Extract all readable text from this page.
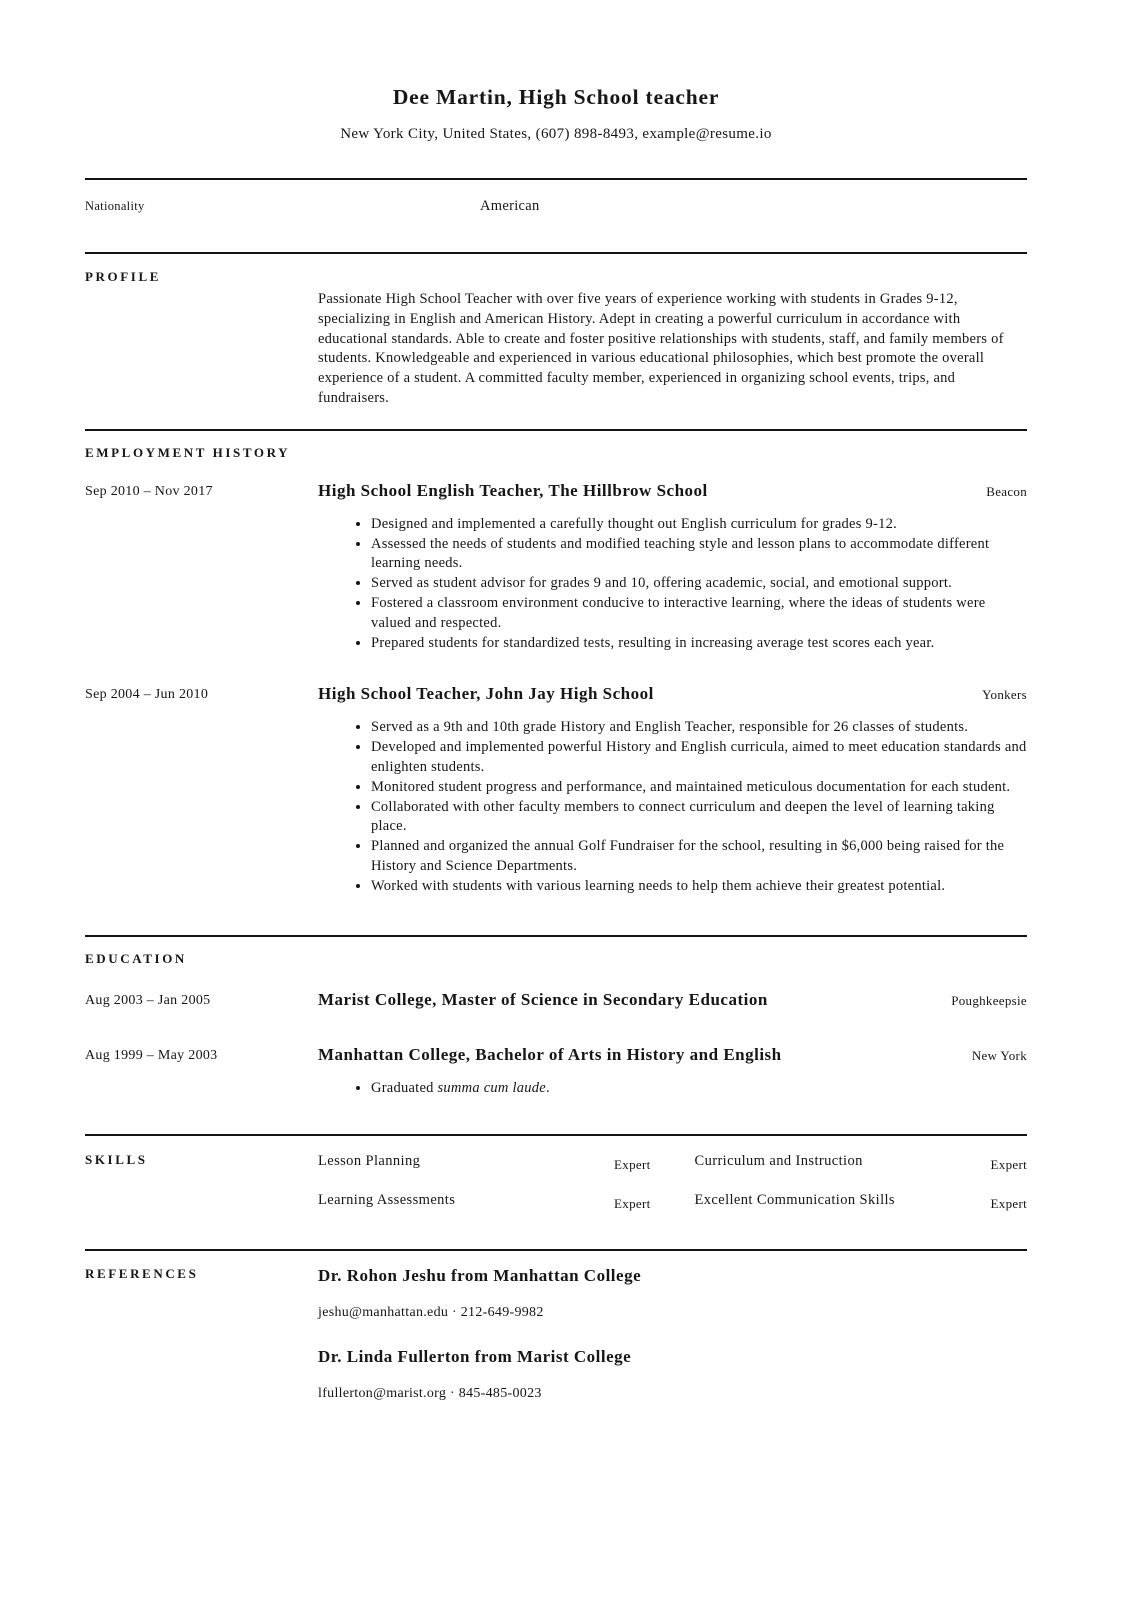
Dee Martin, High School teacher
New York City, United States, (607) 898-8493, example@resume.io
Nationality	American
PROFILE

Passionate High School Teacher with over five years of experience working with students in Grades 9-12, specializing in English and American History. Adept in creating a powerful curriculum in accordance with educational standards. Able to create and foster positive relationships with students, staff, and family members of students. Knowledgeable and experienced in various educational philosophies, which best promote the overall experience of a student. A committed faculty member, experienced in organizing school events, trips, and fundraisers.

EMPLOYMENT HISTORY
Sep 2010 – Nov 2017	High School English Teacher, The Hillbrow School	Beacon
• Designed and implemented a carefully thought out English curriculum for grades 9-12.
• Assessed the needs of students and modified teaching style and lesson plans to accommodate different learning needs.
• Served as student advisor for grades 9 and 10, offering academic, social, and emotional support.
• Fostered a classroom environment conducive to interactive learning, where the ideas of students were valued and respected.
• Prepared students for standardized tests, resulting in increasing average test scores each year.
Sep 2004 – Jun 2010	High School Teacher, John Jay High School	Yonkers
• Served as a 9th and 10th grade History and English Teacher, responsible for 26 classes of students.
• Developed and implemented powerful History and English curricula, aimed to meet education standards and enlighten students.
• Monitored student progress and performance, and maintained meticulous documentation for each student.
• Collaborated with other faculty members to connect curriculum and deepen the level of learning taking place.
• Planned and organized the annual Golf Fundraiser for the school, resulting in $6,000 being raised for the History and Science Departments.
• Worked with students with various learning needs to help them achieve their greatest potential.
EDUCATION
Aug 2003 – Jan 2005	Marist College, Master of Science in Secondary Education	Poughkeepsie
Aug 1999 – May 2003	Manhattan College, Bachelor of Arts in History and English	New York
• Graduated summa cum laude.
SKILLS	Lesson Planning	Expert	Curriculum and Instruction	Expert
Learning Assessments	Expert	Excellent Communication Skills	Expert
REFERENCES	Dr. Rohon Jeshu from Manhattan College
jeshu@manhattan.edu · 212-649-9982
Dr. Linda Fullerton from Marist College
lfullerton@marist.org · 845-485-0023
